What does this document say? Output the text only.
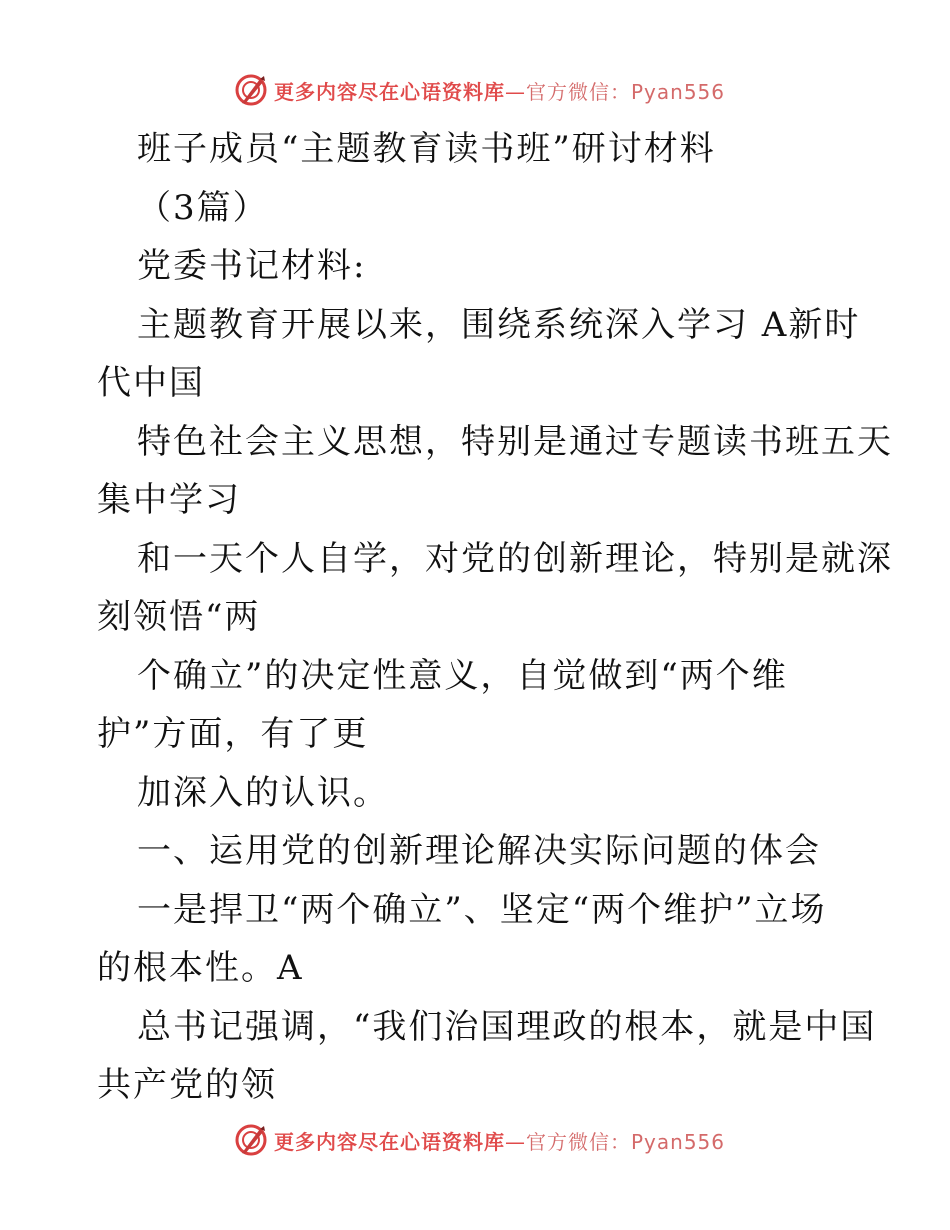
更多内容尽在心语资料库—官方微信：Pyan556
班子成员“主题教育读书班”研讨材料
（3篇）
党委书记材料:
主题教育开展以来，围绕系统深入学习 A新时
代中国
特色社会主义思想，特别是通过专题读书班五天
集中学习
和一天个人自学，对党的创新理论，特别是就深
刻领悟“两
个确立”的决定性意义，自觉做到“两个维
护”方面，有了更
加深入的认识。
一、运用党的创新理论解决实际问题的体会
一是捍卫“两个确立”、坚定“两个维护”立场
的根本性。A
总书记强调，“我们治国理政的根本，就是中国
共产党的领
更多内容尽在心语资料库—官方微信：Pyan556
